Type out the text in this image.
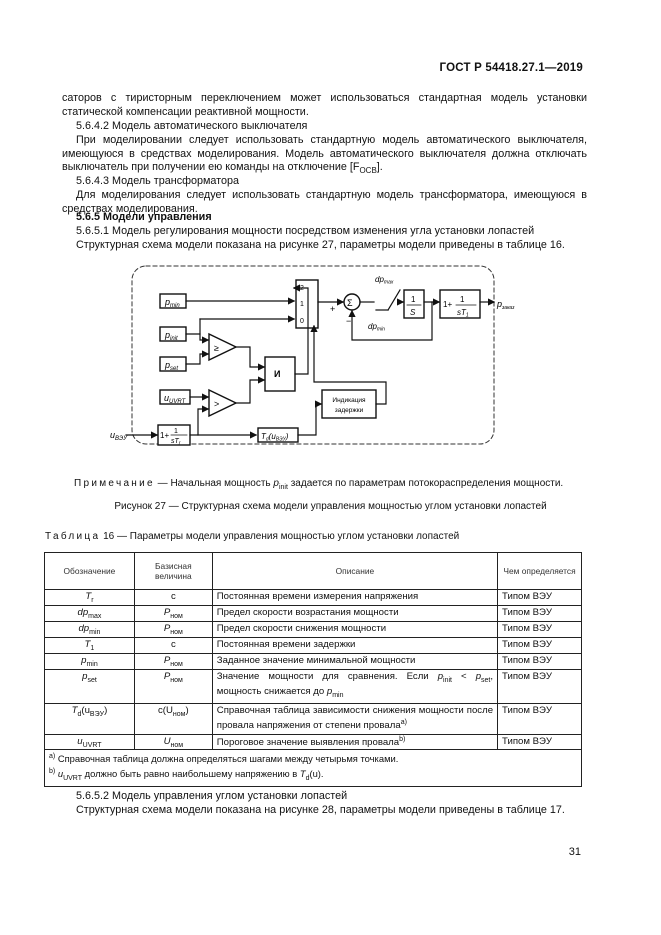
ГОСТ Р 54418.27.1—2019
саторов с тиристорным переключением может использоваться стандартная модель установки статической компенсации реактивной мощности.
5.6.4.2 Модель автоматического выключателя
При моделировании следует использовать стандартную модель автоматического выключателя, имеющуюся в средствах моделирования. Модель автоматического выключателя должна отключать выключатель при получении ею команды на отключение $[F_{ОСВ}]$.
5.6.4.3 Модель трансформатора
Для моделирования следует использовать стандартную модель трансформатора, имеющуюся в средствах моделирования.
5.6.5 Модели управления
5.6.5.1 Модель регулирования мощности посредством изменения угла установки лопастей
Структурная схема модели показана на рисунке 27, параметры модели приведены в таблице 16.
$p_{min}$
$p_{init}$
$p_{set}$
$u_{UVRT}$
$u_{ВЭУ}$	1+ 1
$sT_r$
≥
>
И
Индикация
задержки
Td(uВЭУ)
2
1
0
Σ
+
−
dpmax
dpmin
1
S
1+
1
sT1
$p_{заказ}$
Примечание — Начальная мощность $p_{init}$ задается по параметрам потокораспределения мощности.
Рисунок 27 — Структурная схема модели управления мощностью углом установки лопастей
Таблица 16 — Параметры модели управления мощностью углом установки лопастей
Обозначение	Базисная величина	Описание	Чем определяется
$T_r$	с	Постоянная времени измерения напряжения	Типом ВЭУ
$dp_{max}$	$P_{ном}$	Предел скорости возрастания мощности	Типом ВЭУ
$dp_{min}$	$P_{ном}$	Предел скорости снижения мощности	Типом ВЭУ
$T_1$	с	Постоянная времени задержки	Типом ВЭУ
$p_{min}$	$P_{ном}$	Заданное значение минимальной мощности	Типом ВЭУ
$p_{set}$	$P_{ном}$	Значение мощности для сравнения. Если $p_{init} < p_{set}$, мощность снижается до $p_{min}$	Типом ВЭУ
$T_d(u_{ВЭУ})$	$c(U_{ном})$	Справочная таблица зависимости снижения мощности после провала напряжения от степени провала$^{a)}$	Типом ВЭУ
$u_{UVRT}$	$U_{ном}$	Пороговое значение выявления провала$^{b)}$	Типом ВЭУ

$^{a)}$ Справочная таблица должна определяться шагами между четырьмя точками.
$^{b)}$ $u_{UVRT}$ должно быть равно наибольшему напряжению в $T_d(u)$.			
5.6.5.2 Модель управления углом установки лопастей
Структурная схема модели показана на рисунке 28, параметры модели приведены в таблице 17.
31
